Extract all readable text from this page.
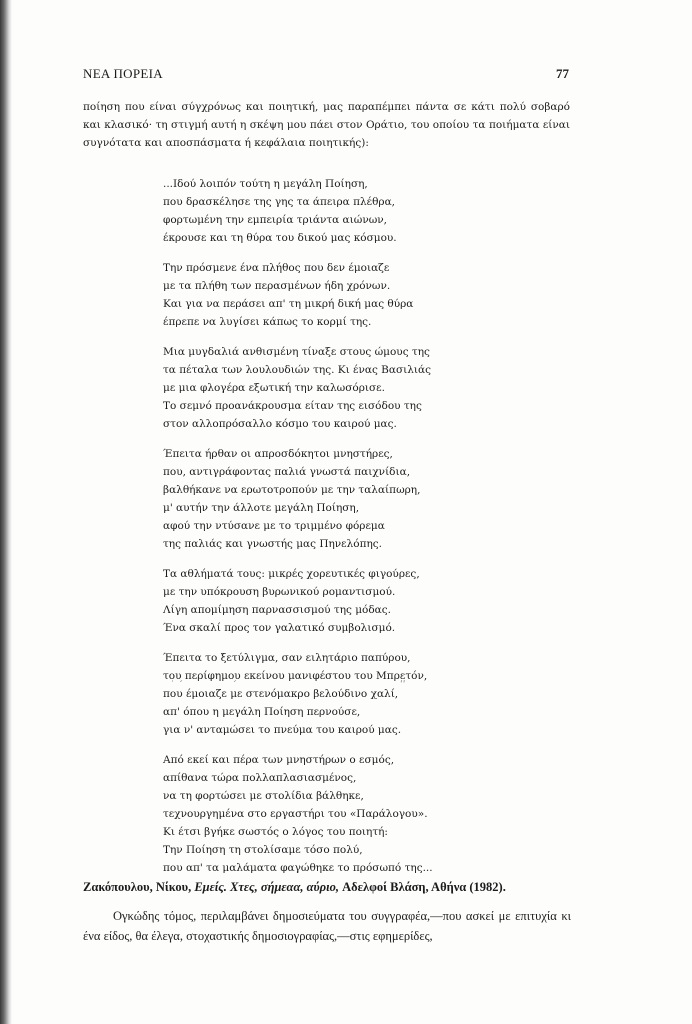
ΝΕΑ ΠΟΡΕΙΑ	77

ποίηση που είναι σύγχρόνως και ποιητική, μας παραπέμπει πάντα σε κάτι πολύ σοβαρό και κλασικό· τη στιγμή αυτή η σκέψη μου πάει στον Οράτιο, του οποίου τα ποιήματα είναι συγνότατα και αποσπάσματα ή κεφάλαια ποιητικής):

...Ιδού λοιπόν τούτη η μεγάλη Ποίηση,
που δρασκέλησε της γης τα άπειρα πλέθρα,
φορτωμένη την εμπειρία τριάντα αιώνων,
έκρουσε και τη θύρα του δικού μας κόσμου.
Την πρόσμενε ένα πλήθος που δεν έμοιαζε
με τα πλήθη των περασμένων ήδη χρόνων.
Και για να περάσει απ' τη μικρή δική μας θύρα
έπρεπε να λυγίσει κάπως το κορμί της.
Μια μυγδαλιά ανθισμένη τίναξε στους ώμους της
τα πέταλα των λουλουδιών της. Κι ένας Βασιλιάς
με μια φλογέρα εξωτική την καλωσόρισε.
Το σεμνό προανάκρουσμα είταν της εισόδου της
στον αλλοπρόσαλλο κόσμο του καιρού μας.
Έπειτα ήρθαν οι απροσδόκητοι μνηστήρες,
που, αντιγράφοντας παλιά γνωστά παιχνίδια,
βαλθήκανε να ερωτοτροπούν με την ταλαίπωρη,
μ' αυτήν την άλλοτε μεγάλη Ποίηση,
αφού την ντύσανε με το τριμμένο φόρεμα
της παλιάς και γνωστής μας Πηνελόπης.
Τα αθλήματά τους: μικρές χορευτικές φιγούρες,
με την υπόκρουση βυρωνικού ρομαντισμού.
Λίγη απομίμηση παρνασσισμού της μόδας.
Ένα σκαλί προς τον γαλατικό συμβολισμό.
Έπειτα το ξετύλιγμα, σαν ειλητάριο παπύρου,
του περίφημου εκείνου μανιφέστου του Μπρετόν,
που έμοιαζε με στενόμακρο βελούδινο χαλί,
απ' όπου η μεγάλη Ποίηση περνούσε,
για ν' ανταμώσει το πνεύμα του καιρού μας.
Από εκεί και πέρα των μνηστήρων ο εσμός,
απίθανα τώρα πολλαπλασιασμένος,
να τη φορτώσει με στολίδια βάλθηκε,
τεχνουργημένα στο εργαστήρι του «Παράλογου».
Κι έτσι βγήκε σωστός ο λόγος του ποιητή:
Την Ποίηση τη στολίσαμε τόσο πολύ,
που απ' τα μαλάματα φαγώθηκε το πρόσωπό της...
˙ ˊ	ˊ	ʹʹ
Ζακόπουλου, Νίκου, Εμείς. Χτες, σήμεαα, αύριο, Αδελφοί Βλάση, Αθήνα (1982).

Ογκώδης τόμος, περιλαμβάνει δημοσιεύματα του συγγραφέα,—που ασκεί με επιτυχία κι ένα είδος, θα έλεγα, στοχαστικής δημοσιογραφίας,—στις εφημερίδες,
